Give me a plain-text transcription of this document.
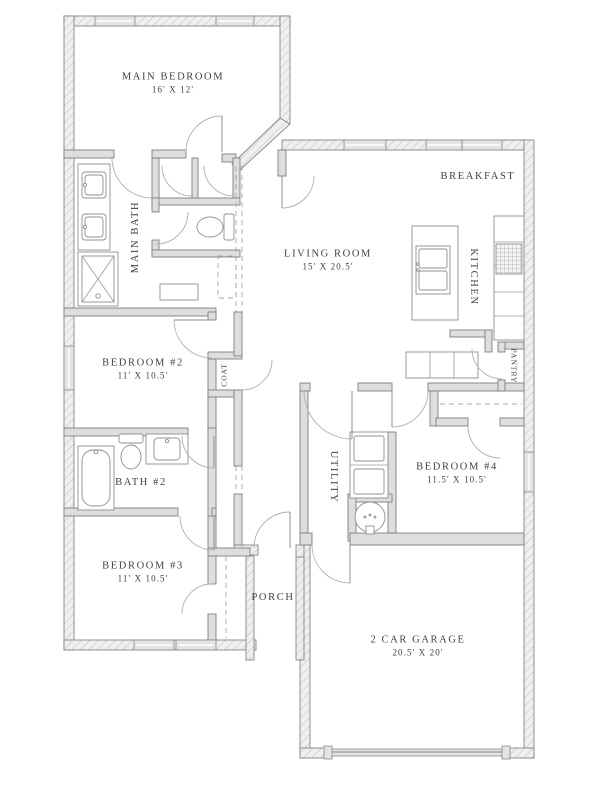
MAIN BEDROOM
16' X 12'
MAIN BATH	LIVING ROOM
15' X 20.5'
BREAKFAST
KITCHEN
PANTRY
COAT
BEDROOM #2
11' X 10.5'
BATH #2
BEDROOM #3
11' X 10.5'
PORCH
UTILITY	BEDROOM #4
11.5' X 10.5'
2 CAR GARAGE
20.5' X 20'
